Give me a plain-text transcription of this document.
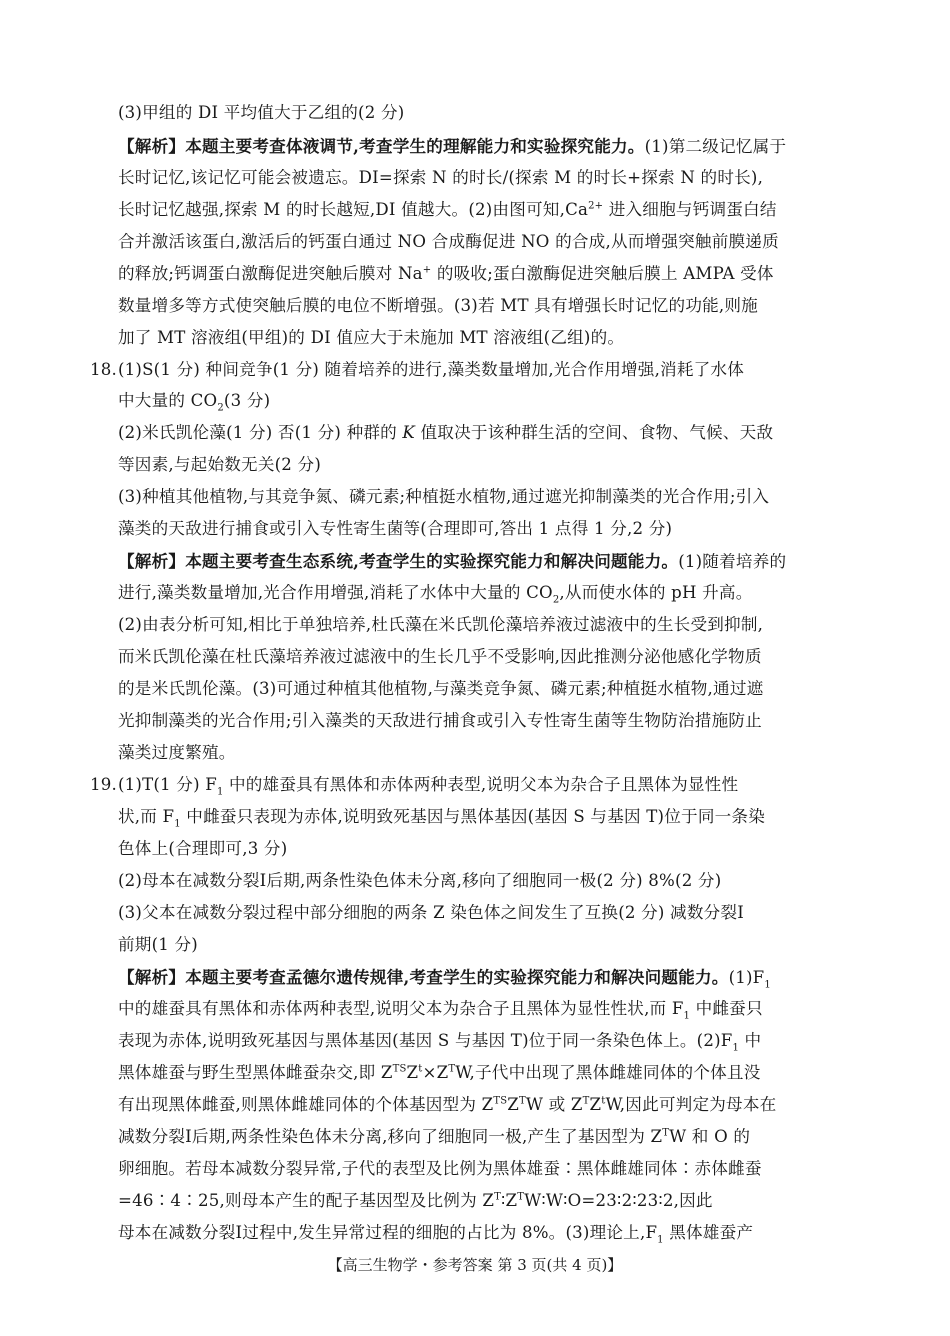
(3)甲组的 DI 平均值大于乙组的(2 分)
【解析】本题主要考查体液调节,考查学生的理解能力和实验探究能力。(1)第二级记忆属于
长时记忆,该记忆可能会被遗忘。DI=探索 N 的时长/(探索 M 的时长+探索 N 的时长),
长时记忆越强,探索 M 的时长越短,DI 值越大。(2)由图可知$,Ca^{2+}$ 进入细胞与钙调蛋白结
合并激活该蛋白,激活后的钙蛋白通过 NO 合成酶促进 NO 的合成,从而增强突触前膜递质
的释放;钙调蛋白激酶促进突触后膜对 Na+ 的吸收;蛋白激酶促进突触后膜上 AMPA 受体
数量增多等方式使突触后膜的电位不断增强。(3)若 MT 具有增强长时记忆的功能,则施
加了 MT 溶液组(甲组)的 DI 值应大于未施加 MT 溶液组(乙组)的。
18. (1)S(1 分) 种间竞争(1 分) 随着培养的进行,藻类数量增加,光合作用增强,消耗了水体
中大量的 $CO_2(3$ 分)
(2)米氏凯伦藻(1 分) 否(1 分) 种群的 K 值取决于该种群生活的空间、食物、气候、天敌
等因素,与起始数无关(2 分)
(3)种植其他植物,与其竞争氮、磷元素;种植挺水植物,通过遮光抑制藻类的光合作用;引入
藻类的天敌进行捕食或引入专性寄生菌等(合理即可,答出 1 点得 1 分,2 分)
【解析】本题主要考查生态系统,考查学生的实验探究能力和解决问题能力。(1)随着培养的
进行,藻类数量增加,光合作用增强,消耗了水体中大量的 $CO_2$,从而使水体的 pH 升高。
(2)由表分析可知,相比于单独培养,杜氏藻在米氏凯伦藻培养液过滤液中的生长受到抑制,
而米氏凯伦藻在杜氏藻培养液过滤液中的生长几乎不受影响,因此推测分泌他感化学物质
的是米氏凯伦藻。(3)可通过种植其他植物,与藻类竞争氮、磷元素;种植挺水植物,通过遮
光抑制藻类的光合作用;引入藻类的天敌进行捕食或引入专性寄生菌等生物防治措施防止
藻类过度繁殖。
19. (1)T(1 分) $F_1$ 中的雄蚕具有黑体和赤体两种表型,说明父本为杂合子且黑体为显性性
状,而 $F_1$ 中雌蚕只表现为赤体,说明致死基因与黑体基因(基因 S 与基因 T)位于同一条染
色体上(合理即可,3 分)
(2)母本在减数分裂Ⅰ后期,两条性染色体未分离,移向了细胞同一极(2 分) 8%(2 分)
(3)父本在减数分裂过程中部分细胞的两条 Z 染色体之间发生了互换(2 分) 减数分裂Ⅰ
前期(1 分)
【解析】本题主要考查孟德尔遗传规律,考查学生的实验探究能力和解决问题能力。$(1)F_1$
中的雄蚕具有黑体和赤体两种表型,说明父本为杂合子且黑体为显性性状,而 $F_1$ 中雌蚕只
表现为赤体,说明致死基因与黑体基因(基因 S 与基因 T)位于同一条染色体上。$(2)F_1$ 中
黑体雄蚕与野生型黑体雌蚕杂交,即 $Z^{TS}Z^t\times Z^TW$,子代中出现了黑体雌雄同体的个体且没
有出现黑体雌蚕,则黑体雌雄同体的个体基因型为 $Z^{TS}Z^TW$ 或 $Z^TZ^tW$,因此可判定为母本在
减数分裂Ⅰ后期,两条性染色体未分离,移向了细胞同一极,产生了基因型为 $Z^TW$ 和 O 的
卵细胞。若母本减数分裂异常,子代的表型及比例为黑体雄蚕∶黑体雌雄同体∶赤体雌蚕
=46∶4∶25,则母本产生的配子基因型及比例为 $Z^T∶Z^TW∶W∶O=23∶2∶23∶2$,因此
母本在减数分裂Ⅰ过程中,发生异常过程的细胞的占比为 8%。(3)理论上$,F_1$ 黑体雄蚕产
【高三生物学・参考答案 第 3 页(共 4 页)】
